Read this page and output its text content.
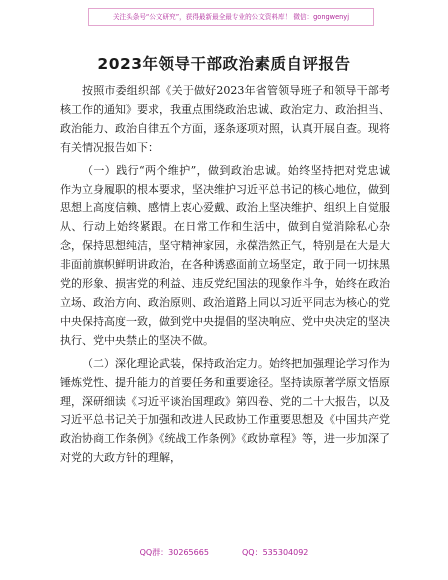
关注头条号“公文研究”，获得最新最全最专业的公文资料库！ 微信：gongwenyj
2023年领导干部政治素质自评报告

按照市委组织部《关于做好2023年省管领导班子和领导干部考核工作的通知》要求，我重点围绕政治忠诚、政治定力、政治担当、政治能力、政治自律五个方面，逐条逐项对照，认真开展自查。现将有关情况报告如下：

（一）践行“两个维护”，做到政治忠诚。始终坚持把对党忠诚作为立身履职的根本要求，坚决维护习近平总书记的核心地位，做到思想上高度信赖、感情上衷心爱戴、政治上坚决维护、组织上自觉服从、行动上始终紧跟。在日常工作和生活中，做到自觉消除私心杂念，保持思想纯洁，坚守精神家园，永葆浩然正气，特别是在大是大非面前旗帜鲜明讲政治，在各种诱惑面前立场坚定，敢于同一切抹黑党的形象、损害党的利益、违反党纪国法的现象作斗争，始终在政治立场、政治方向、政治原则、政治道路上同以习近平同志为核心的党中央保持高度一致，做到党中央提倡的坚决响应、党中央决定的坚决执行、党中央禁止的坚决不做。

（二）深化理论武装，保持政治定力。始终把加强理论学习作为锤炼党性、提升能力的首要任务和重要途径。坚持读原著学原文悟原理，深研细读《习近平谈治国理政》第四卷、党的二十大报告，以及习近平总书记关于加强和改进人民政协工作重要思想及《中国共产党政治协商工作条例》《统战工作条例》《政协章程》等，进一步加深了对党的大政方针的理解，

QQ群：30265665	QQ：535304092
